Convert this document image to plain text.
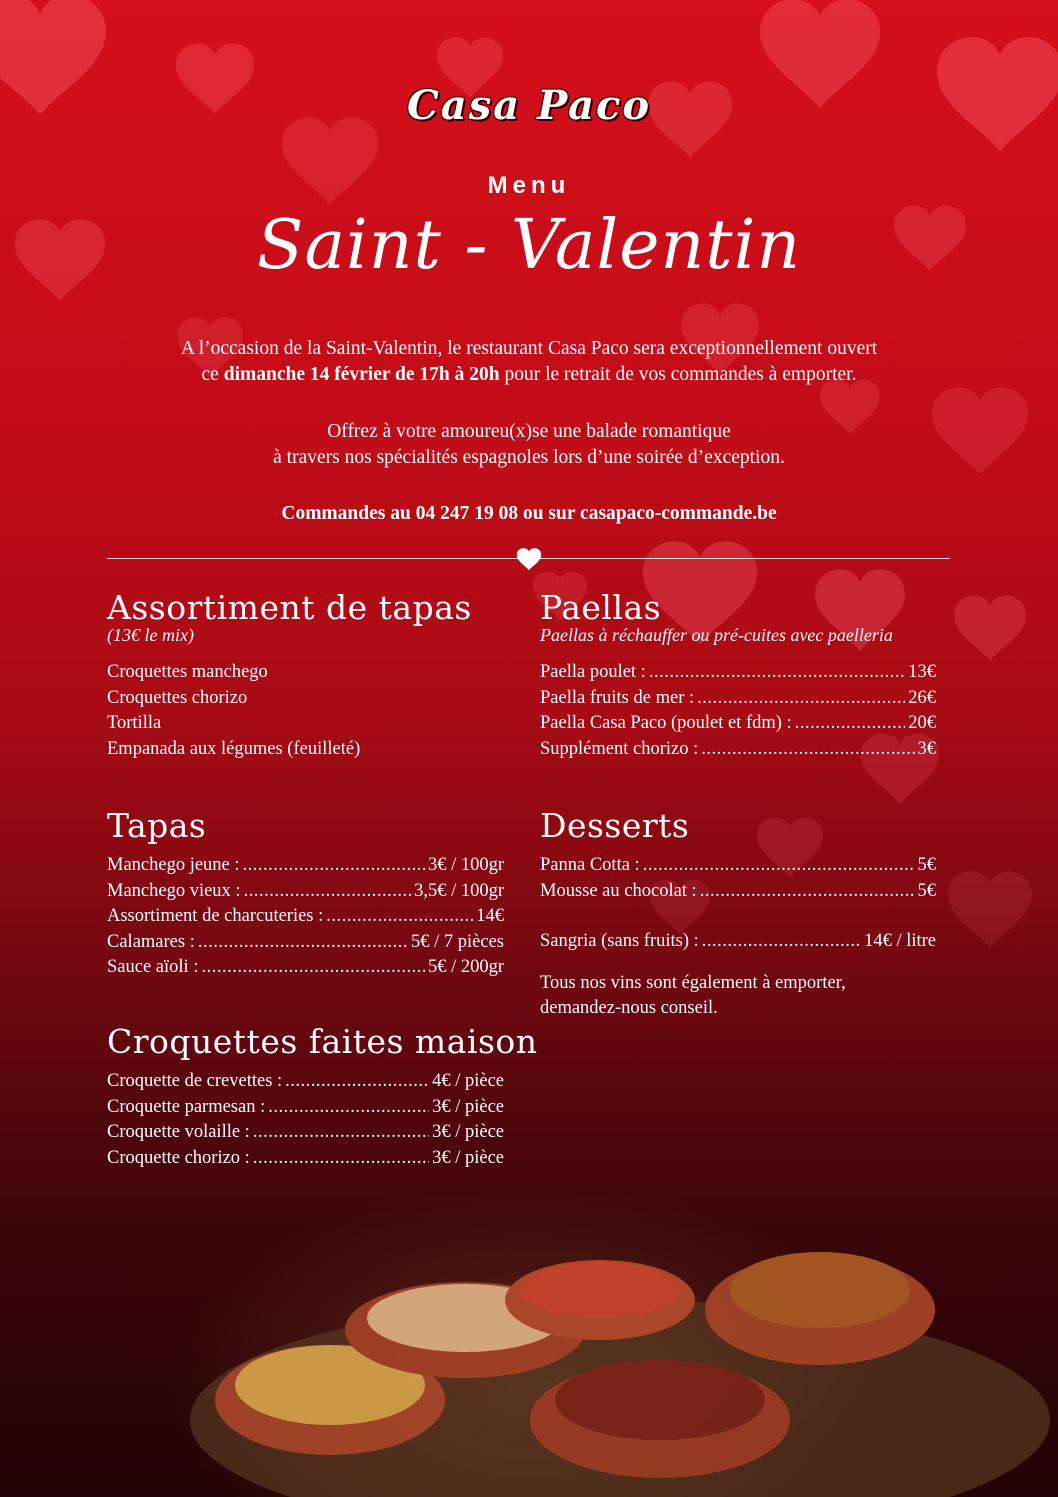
Casa Paco
Menu
Saint - Valentin
A l’occasion de la Saint-Valentin, le restaurant Casa Paco sera exceptionnellement ouvert
ce dimanche 14 février de 17h à 20h pour le retrait de vos commandes à emporter.
Offrez à votre amoureu(x)se une balade romantique
à travers nos spécialités espagnoles lors d’une soirée d’exception.
Commandes au 04 247 19 08 ou sur casapaco-commande.be
Assortiment de tapas
(13€ le mix)
Croquettes manchego
Croquettes chorizo
Tortilla
Empanada aux légumes (feuilleté)
Tapas
Manchego jeune : .....	3€ / 100gr
Manchego vieux : .....	3,5€ / 100gr
Assortiment de charcuteries : .....	14€
Calamares : .....	5€ / 7 pièces
Sauce aïoli : .....	5€ / 200gr
Croquettes faites maison
Croquette de crevettes : .....	4€ / pièce
Croquette parmesan : .....	3€ / pièce
Croquette volaille : .....	3€ / pièce
Croquette chorizo : .....	3€ / pièce
Paellas
Paellas à réchauffer ou pré-cuites avec paelleria
Paella poulet : .....	13€
Paella fruits de mer : .....	26€
Paella Casa Paco (poulet et fdm) : .....	20€
Supplément chorizo : .....	3€
Desserts
Panna Cotta : .....	5€
Mousse au chocolat : .....	5€
Sangria (sans fruits) : .....	14€ / litre
Tous nos vins sont également à emporter,
demandez-nous conseil.
